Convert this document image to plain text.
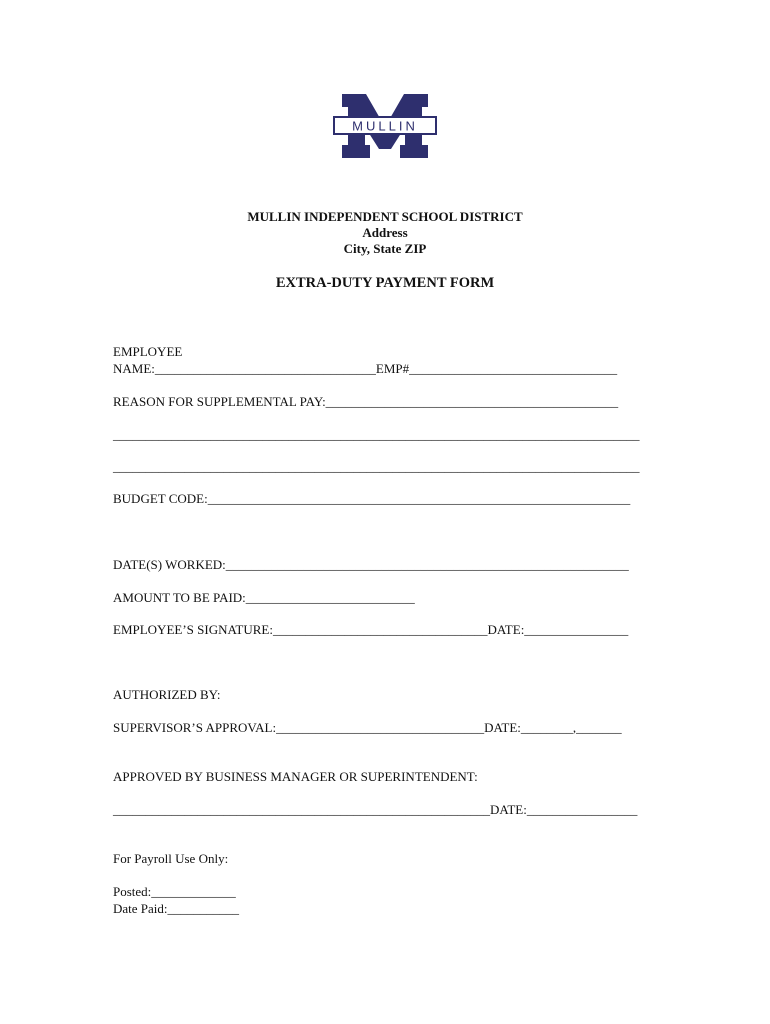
MULLIN
MULLIN INDEPENDENT SCHOOL DISTRICT
Address
City, State ZIP
EXTRA-DUTY PAYMENT FORM
EMPLOYEE
NAME:__________________________________EMP#________________________________
REASON FOR SUPPLEMENTAL PAY:_____________________________________________
_________________________________________________________________________________
_________________________________________________________________________________
BUDGET CODE:_________________________________________________________________
DATE(S) WORKED:______________________________________________________________
AMOUNT TO BE PAID:__________________________
EMPLOYEE’S SIGNATURE:_________________________________DATE:________________
AUTHORIZED BY:
SUPERVISOR’S APPROVAL:________________________________DATE:________,_______
APPROVED BY BUSINESS MANAGER OR SUPERINTENDENT:
__________________________________________________________DATE:_________________
For Payroll Use Only:
Posted:_____________
Date Paid:___________
